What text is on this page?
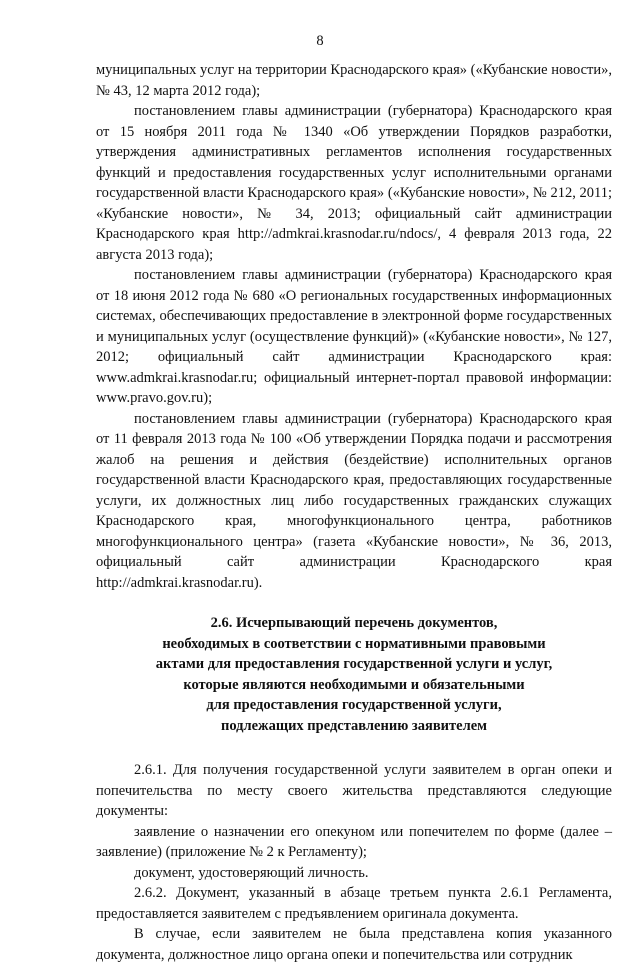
8

муниципальных услуг на территории Краснодарского края» («Кубанские новости», № 43, 12 марта 2012 года);

постановлением главы администрации (губернатора) Краснодарского края от 15 ноября 2011 года № 1340 «Об утверждении Порядков разработки, утверждения административных регламентов исполнения государственных функций и предоставления государственных услуг исполнительными органами государственной власти Краснодарского края» («Кубанские новости», № 212, 2011; «Кубанские новости», № 34, 2013; официальный сайт администрации Краснодарского края http://admkrai.krasnodar.ru/ndocs/, 4 февраля 2013 года, 22 августа 2013 года);

постановлением главы администрации (губернатора) Краснодарского края от 18 июня 2012 года № 680 «О региональных государственных информационных системах, обеспечивающих предоставление в электронной форме государственных и муниципальных услуг (осуществление функций)» («Кубанские новости», № 127, 2012; официальный сайт администрации Краснодарского края: www.admkrai.krasnodar.ru; официальный интернет-портал правовой информации: www.pravo.gov.ru);

постановлением главы администрации (губернатора) Краснодарского края от 11 февраля 2013 года № 100 «Об утверждении Порядка подачи и рассмотрения жалоб на решения и действия (бездействие) исполнительных органов государственной власти Краснодарского края, предоставляющих государственные услуги, их должностных лиц либо государственных гражданских служащих Краснодарского края, многофункционального центра, работников многофункционального центра» (газета «Кубанские новости», № 36, 2013, официальный сайт администрации Краснодарского края http://admkrai.krasnodar.ru).

2.6. Исчерпывающий перечень документов,
необходимых в соответствии с нормативными правовыми
актами для предоставления государственной услуги и услуг,
которые являются необходимыми и обязательными
для предоставления государственной услуги,
подлежащих представлению заявителем

2.6.1. Для получения государственной услуги заявителем в орган опеки и попечительства по месту своего жительства представляются следующие документы:

заявление о назначении его опекуном или попечителем по форме (далее – заявление) (приложение № 2 к Регламенту);

документ, удостоверяющий личность.

2.6.2. Документ, указанный в абзаце третьем пункта 2.6.1 Регламента, предоставляется заявителем с предъявлением оригинала документа.

В случае, если заявителем не была представлена копия указанного документа, должностное лицо органа опеки и попечительства или сотрудник
